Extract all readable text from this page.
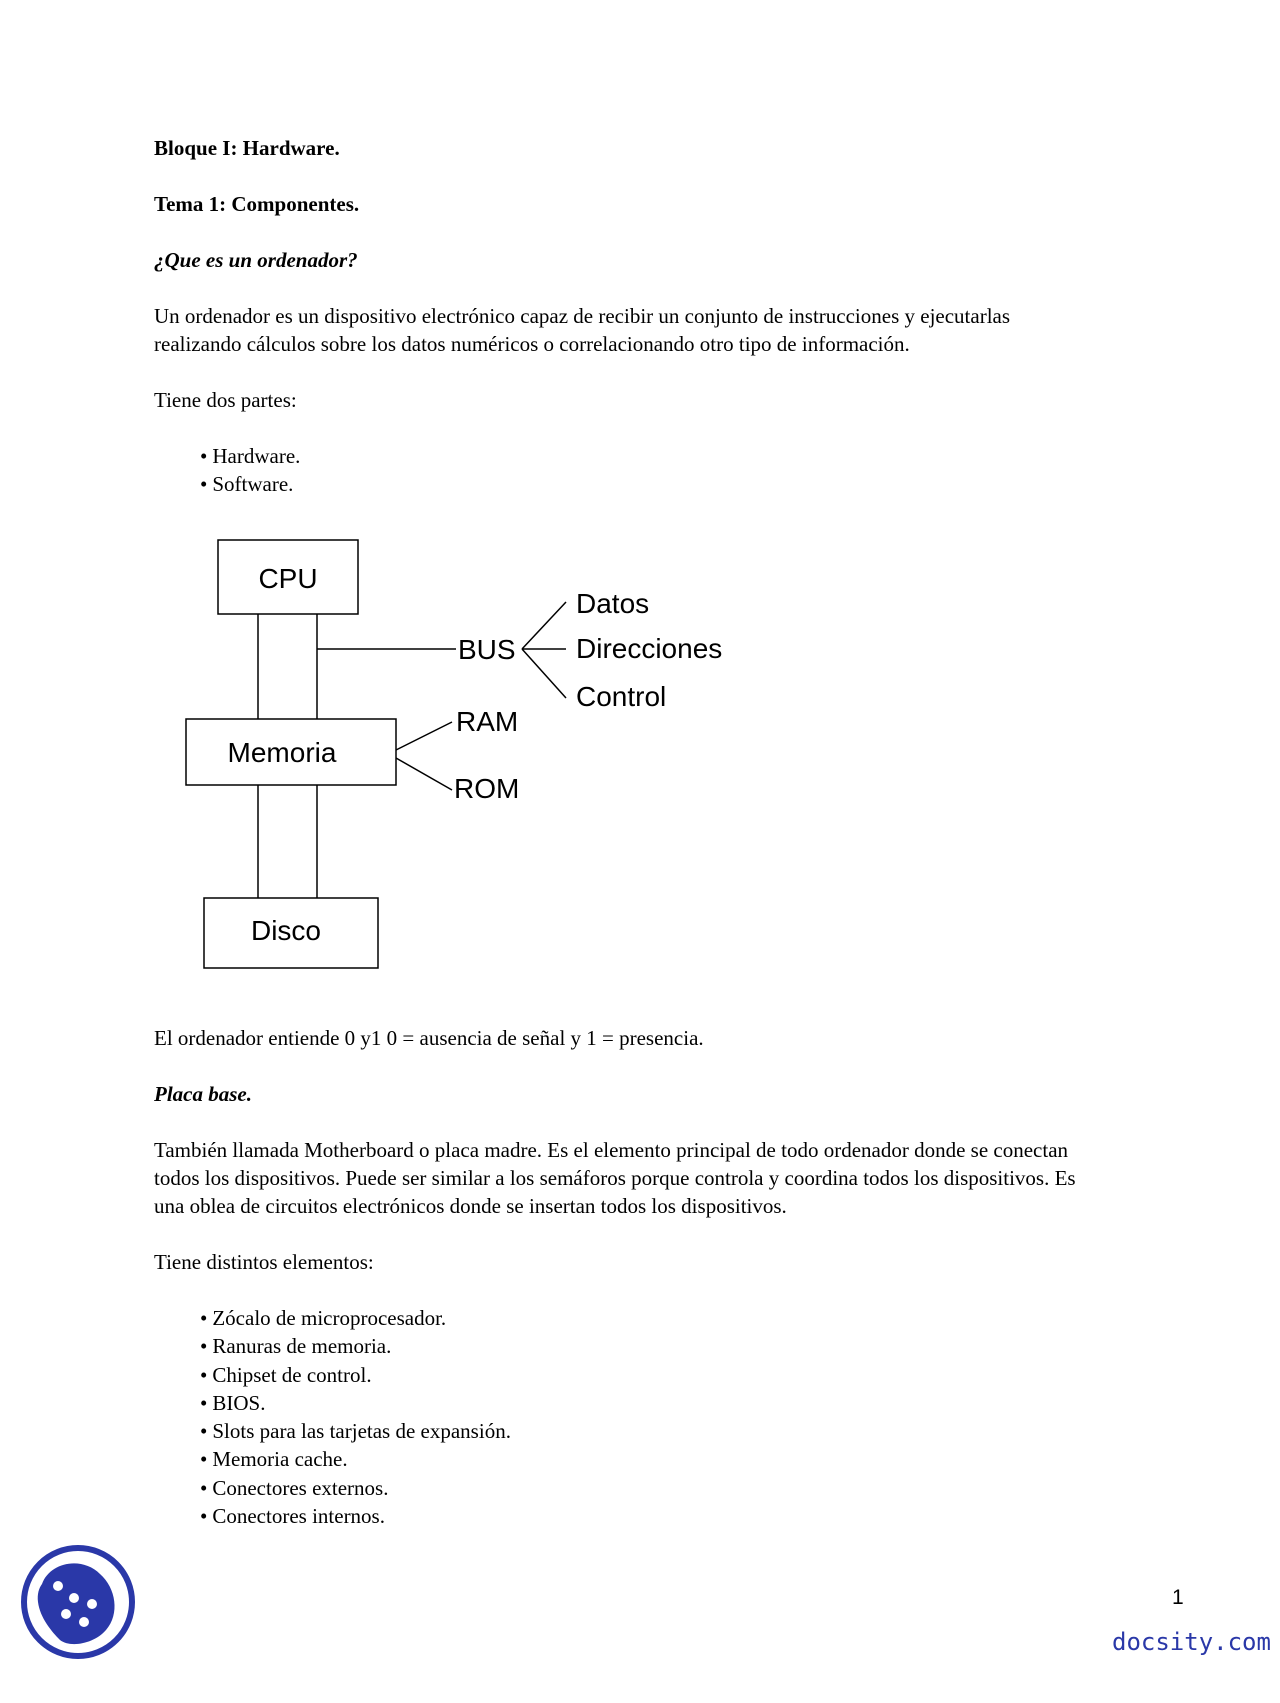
Bloque I: Hardware.
Tema 1: Componentes.
¿Que es un ordenador?
Un ordenador es un dispositivo electrónico capaz de recibir un conjunto de instrucciones y ejecutarlas
realizando cálculos sobre los datos numéricos o correlacionando otro tipo de información.
Tiene dos partes:
• Hardware.
• Software.
CPU
Memoria
Disco
BUS
Datos
Direcciones
Control
RAM
ROM
El ordenador entiende 0 y1 0 = ausencia de señal y 1 = presencia.
Placa base.
También llamada Motherboard o placa madre. Es el elemento principal de todo ordenador donde se conectan
todos los dispositivos. Puede ser similar a los semáforos porque controla y coordina todos los dispositivos. Es
una oblea de circuitos electrónicos donde se insertan todos los dispositivos.
Tiene distintos elementos:
• Zócalo de microprocesador.
• Ranuras de memoria.
• Chipset de control.
• BIOS.
• Slots para las tarjetas de expansión.
• Memoria cache.
• Conectores externos.
• Conectores internos.
1
docsity.com
